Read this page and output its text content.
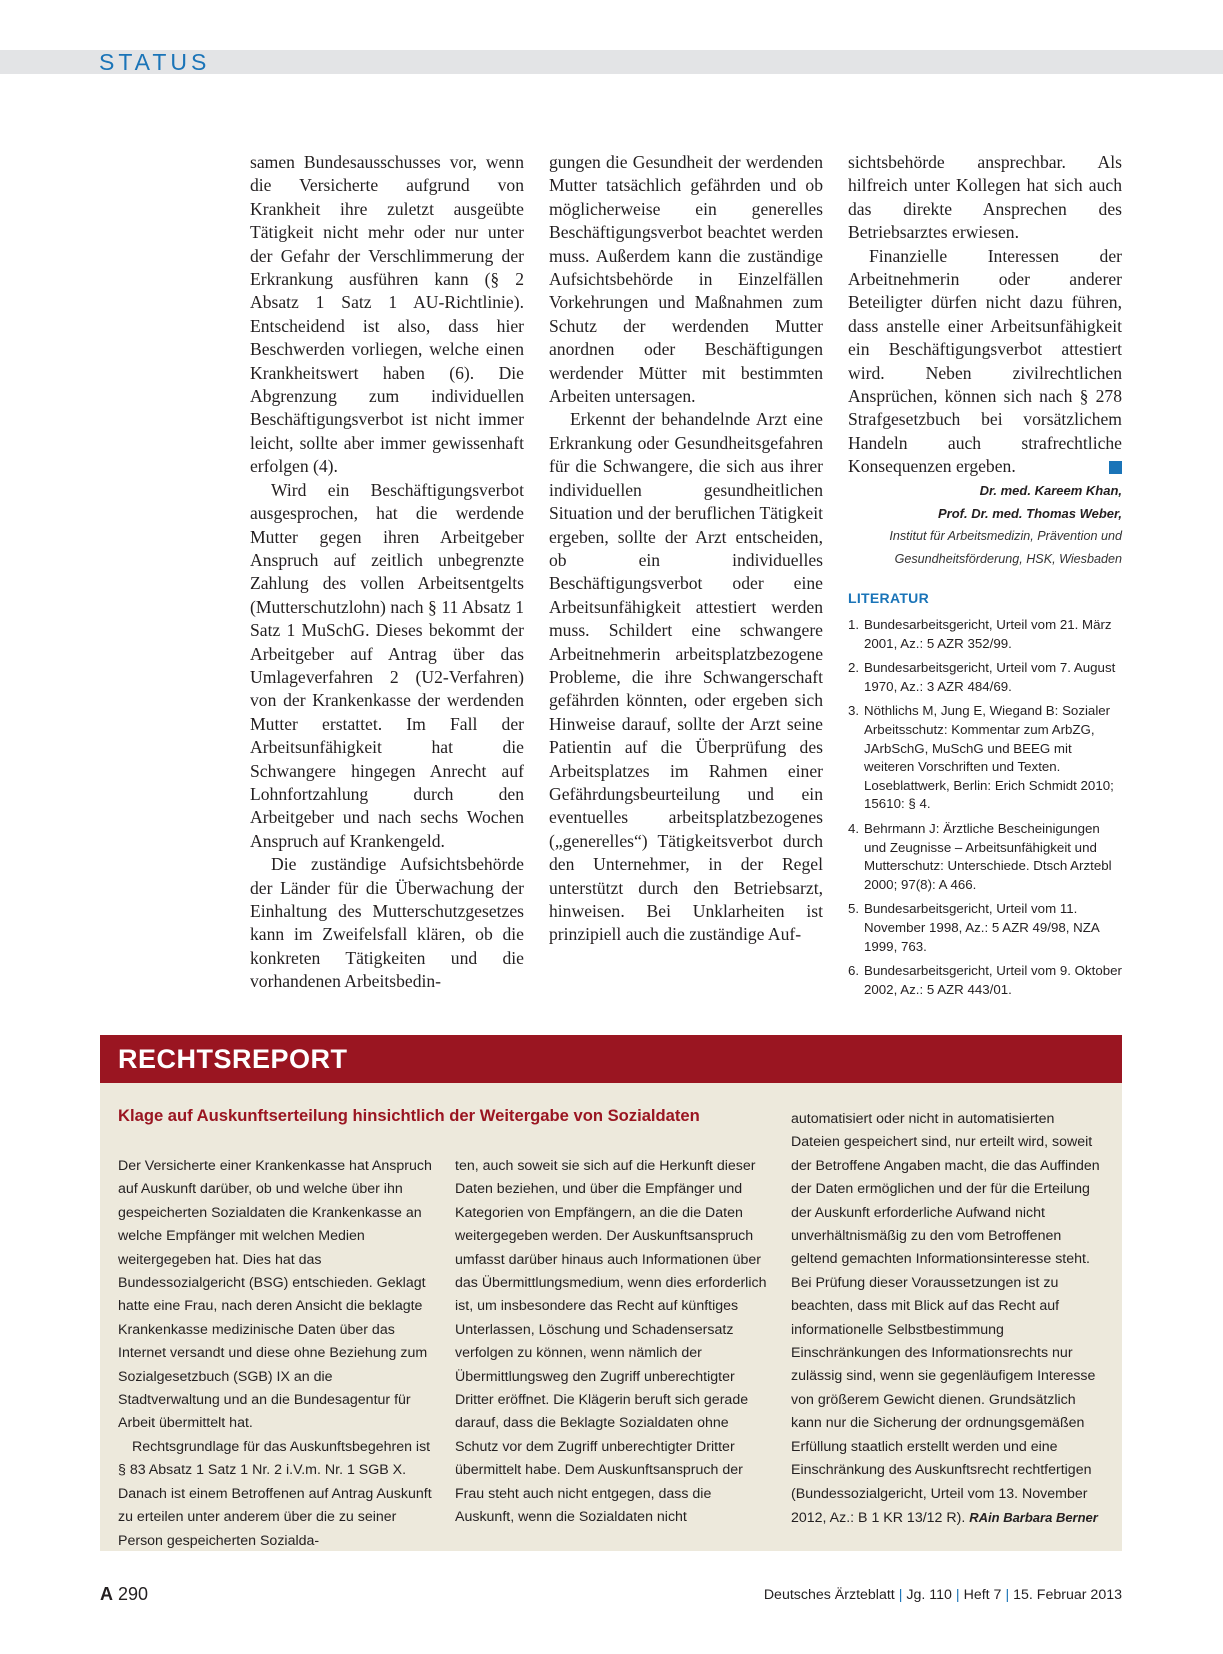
STATUS

samen Bundesausschusses vor, wenn die Versicherte aufgrund von Krankheit ihre zuletzt ausgeübte Tätigkeit nicht mehr oder nur unter der Gefahr der Verschlimmerung der Erkrankung ausführen kann (§ 2 Absatz 1 Satz 1 AU-Richtlinie). Entscheidend ist also, dass hier Beschwerden vorliegen, welche einen Krankheitswert haben (6). Die Abgrenzung zum individuellen Beschäftigungsverbot ist nicht immer leicht, sollte aber immer gewissenhaft erfolgen (4).

Wird ein Beschäftigungsverbot ausgesprochen, hat die werdende Mutter gegen ihren Arbeitgeber Anspruch auf zeitlich unbegrenzte Zahlung des vollen Arbeitsentgelts (Mutterschutzlohn) nach § 11 Absatz 1 Satz 1 MuSchG. Dieses bekommt der Arbeitgeber auf Antrag über das Umlageverfahren 2 (U2-Verfahren) von der Krankenkasse der werdenden Mutter erstattet. Im Fall der Arbeitsunfähigkeit hat die Schwangere hingegen Anrecht auf Lohnfortzahlung durch den Arbeitgeber und nach sechs Wochen Anspruch auf Krankengeld.

Die zuständige Aufsichtsbehörde der Länder für die Überwachung der Einhaltung des Mutterschutzgesetzes kann im Zweifelsfall klären, ob die konkreten Tätigkeiten und die vorhandenen Arbeitsbedin-

gungen die Gesundheit der werdenden Mutter tatsächlich gefährden und ob möglicherweise ein generelles Beschäftigungsverbot beachtet werden muss. Außerdem kann die zuständige Aufsichtsbehörde in Einzelfällen Vorkehrungen und Maßnahmen zum Schutz der werdenden Mutter anordnen oder Beschäftigungen werdender Mütter mit bestimmten Arbeiten untersagen.

Erkennt der behandelnde Arzt eine Erkrankung oder Gesundheitsgefahren für die Schwangere, die sich aus ihrer individuellen gesundheitlichen Situation und der beruflichen Tätigkeit ergeben, sollte der Arzt entscheiden, ob ein individuelles Beschäftigungsverbot oder eine Arbeitsunfähigkeit attestiert werden muss. Schildert eine schwangere Arbeitnehmerin arbeitsplatzbezogene Probleme, die ihre Schwangerschaft gefährden könnten, oder ergeben sich Hinweise darauf, sollte der Arzt seine Patientin auf die Überprüfung des Arbeitsplatzes im Rahmen einer Gefährdungsbeurteilung und ein eventuelles arbeitsplatzbezogenes („generelles“) Tätigkeitsverbot durch den Unternehmer, in der Regel unterstützt durch den Betriebsarzt, hinweisen. Bei Unklarheiten ist prinzipiell auch die zuständige Auf-

sichtsbehörde ansprechbar. Als hilfreich unter Kollegen hat sich auch das direkte Ansprechen des Betriebsarztes erwiesen.

Finanzielle Interessen der Arbeitnehmerin oder anderer Beteiligter dürfen nicht dazu führen, dass anstelle einer Arbeitsunfähigkeit ein Beschäftigungsverbot attestiert wird. Neben zivilrechtlichen Ansprüchen, können sich nach § 278 Strafgesetzbuch bei vorsätzlichem Handeln auch strafrechtliche Konsequenzen ergeben.

Dr. med. Kareem Khan,
Prof. Dr. med. Thomas Weber,
Institut für Arbeitsmedizin, Prävention und
Gesundheitsförderung, HSK, Wiesbaden
LITERATUR
1. Bundesarbeitsgericht, Urteil vom 21. März 2001, Az.: 5 AZR 352/99.
2. Bundesarbeitsgericht, Urteil vom 7. August 1970, Az.: 3 AZR 484/69.
3. Nöthlichs M, Jung E, Wiegand B: Sozialer Arbeitsschutz: Kommentar zum ArbZG, JArbSchG, MuSchG und BEEG mit weiteren Vorschriften und Texten. Loseblattwerk, Berlin: Erich Schmidt 2010; 15610: § 4.
4. Behrmann J: Ärztliche Bescheinigungen und Zeugnisse – Arbeitsunfähigkeit und Mutterschutz: Unterschiede. Dtsch Arztebl 2000; 97(8): A 466.
5. Bundesarbeitsgericht, Urteil vom 11. November 1998, Az.: 5 AZR 49/98, NZA 1999, 763.
6. Bundesarbeitsgericht, Urteil vom 9. Oktober 2002, Az.: 5 AZR 443/01.
RECHTSREPORT
Klage auf Auskunftserteilung hinsichtlich der Weitergabe von Sozialdaten

Der Versicherte einer Krankenkasse hat Anspruch auf Auskunft darüber, ob und welche über ihn gespeicherten Sozialdaten die Krankenkasse an welche Empfänger mit welchen Medien weitergegeben hat. Dies hat das Bundessozialgericht (BSG) entschieden. Geklagt hatte eine Frau, nach deren Ansicht die beklagte Krankenkasse medizinische Daten über das Internet versandt und diese ohne Beziehung zum Sozialgesetzbuch (SGB) IX an die Stadtverwaltung und an die Bundesagentur für Arbeit übermittelt hat.

Rechtsgrundlage für das Auskunftsbegehren ist § 83 Absatz 1 Satz 1 Nr. 2 i.V.m. Nr. 1 SGB X. Danach ist einem Betroffenen auf Antrag Auskunft zu erteilen unter anderem über die zu seiner Person gespeicherten Sozialda-

ten, auch soweit sie sich auf die Herkunft dieser Daten beziehen, und über die Empfänger und Kategorien von Empfängern, an die die Daten weitergegeben werden. Der Auskunftsanspruch umfasst darüber hinaus auch Informationen über das Übermittlungsmedium, wenn dies erforderlich ist, um insbesondere das Recht auf künftiges Unterlassen, Löschung und Schadensersatz verfolgen zu können, wenn nämlich der Übermittlungsweg den Zugriff unberechtigter Dritter eröffnet. Die Klägerin beruft sich gerade darauf, dass die Beklagte Sozialdaten ohne Schutz vor dem Zugriff unberechtigter Dritter übermittelt habe. Dem Auskunftsanspruch der Frau steht auch nicht entgegen, dass die Auskunft, wenn die Sozialdaten nicht

automatisiert oder nicht in automatisierten Dateien gespeichert sind, nur erteilt wird, soweit der Betroffene Angaben macht, die das Auffinden der Daten ermöglichen und der für die Erteilung der Auskunft erforderliche Aufwand nicht unverhältnismäßig zu den vom Betroffenen geltend gemachten Informationsinteresse steht. Bei Prüfung dieser Voraussetzungen ist zu beachten, dass mit Blick auf das Recht auf informationelle Selbstbestimmung Einschränkungen des Informationsrechts nur zulässig sind, wenn sie gegenläufigem Interesse von größerem Gewicht dienen. Grundsätzlich kann nur die Sicherung der ordnungsgemäßen Erfüllung staatlich erstellt werden und eine Einschränkung des Auskunftsrecht rechtfertigen (Bundessozialgericht, Urteil vom 13. November 2012, Az.: B 1 KR 13/12 R). RAin Barbara Berner

A 290	Deutsches Ärzteblatt | Jg. 110 | Heft 7 | 15. Februar 2013
